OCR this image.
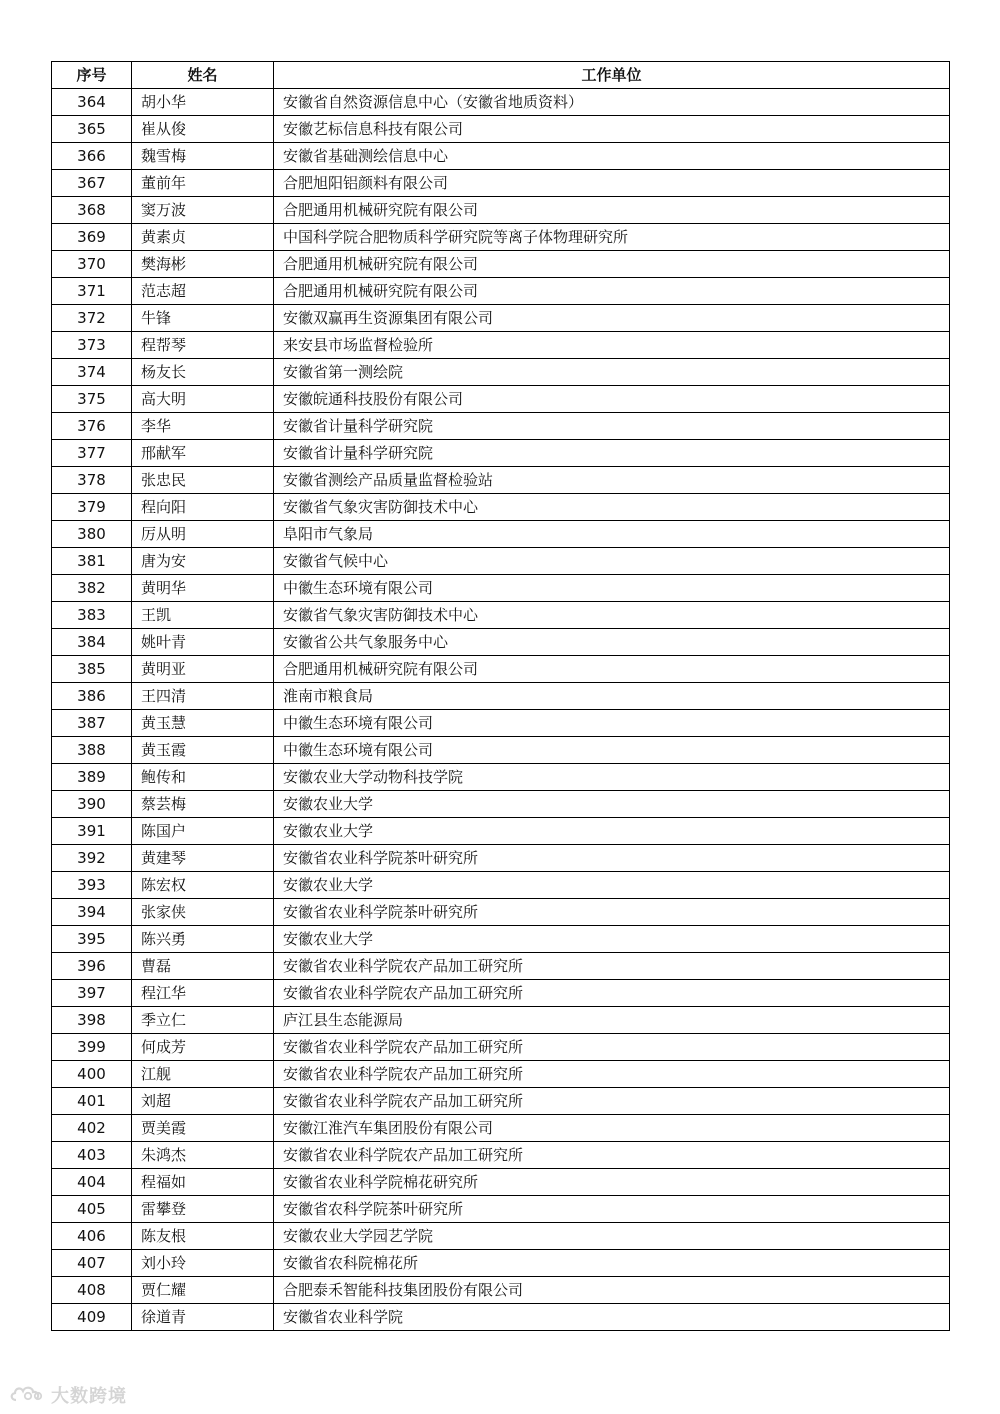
序号	姓名	工作单位
364	胡小华	安徽省自然资源信息中心（安徽省地质资料）
365	崔从俊	安徽艺标信息科技有限公司
366	魏雪梅	安徽省基础测绘信息中心
367	董前年	合肥旭阳铝颜料有限公司
368	窦万波	合肥通用机械研究院有限公司
369	黄素贞	中国科学院合肥物质科学研究院等离子体物理研究所
370	樊海彬	合肥通用机械研究院有限公司
371	范志超	合肥通用机械研究院有限公司
372	牛锋	安徽双赢再生资源集团有限公司
373	程帮琴	来安县市场监督检验所
374	杨友长	安徽省第一测绘院
375	高大明	安徽皖通科技股份有限公司
376	李华	安徽省计量科学研究院
377	邢献军	安徽省计量科学研究院
378	张忠民	安徽省测绘产品质量监督检验站
379	程向阳	安徽省气象灾害防御技术中心
380	厉从明	阜阳市气象局
381	唐为安	安徽省气候中心
382	黄明华	中徽生态环境有限公司
383	王凯	安徽省气象灾害防御技术中心
384	姚叶青	安徽省公共气象服务中心
385	黄明亚	合肥通用机械研究院有限公司
386	王四清	淮南市粮食局
387	黄玉慧	中徽生态环境有限公司
388	黄玉霞	中徽生态环境有限公司
389	鲍传和	安徽农业大学动物科技学院
390	蔡芸梅	安徽农业大学
391	陈国户	安徽农业大学
392	黄建琴	安徽省农业科学院茶叶研究所
393	陈宏权	安徽农业大学
394	张家侠	安徽省农业科学院茶叶研究所
395	陈兴勇	安徽农业大学
396	曹磊	安徽省农业科学院农产品加工研究所
397	程江华	安徽省农业科学院农产品加工研究所
398	季立仁	庐江县生态能源局
399	何成芳	安徽省农业科学院农产品加工研究所
400	江舰	安徽省农业科学院农产品加工研究所
401	刘超	安徽省农业科学院农产品加工研究所
402	贾美霞	安徽江淮汽车集团股份有限公司
403	朱鸿杰	安徽省农业科学院农产品加工研究所
404	程福如	安徽省农业科学院棉花研究所
405	雷攀登	安徽省农科学院茶叶研究所
406	陈友根	安徽农业大学园艺学院
407	刘小玲	安徽省农科院棉花所
408	贾仁耀	合肥泰禾智能科技集团股份有限公司
409	徐道青	安徽省农业科学院
大数跨境
